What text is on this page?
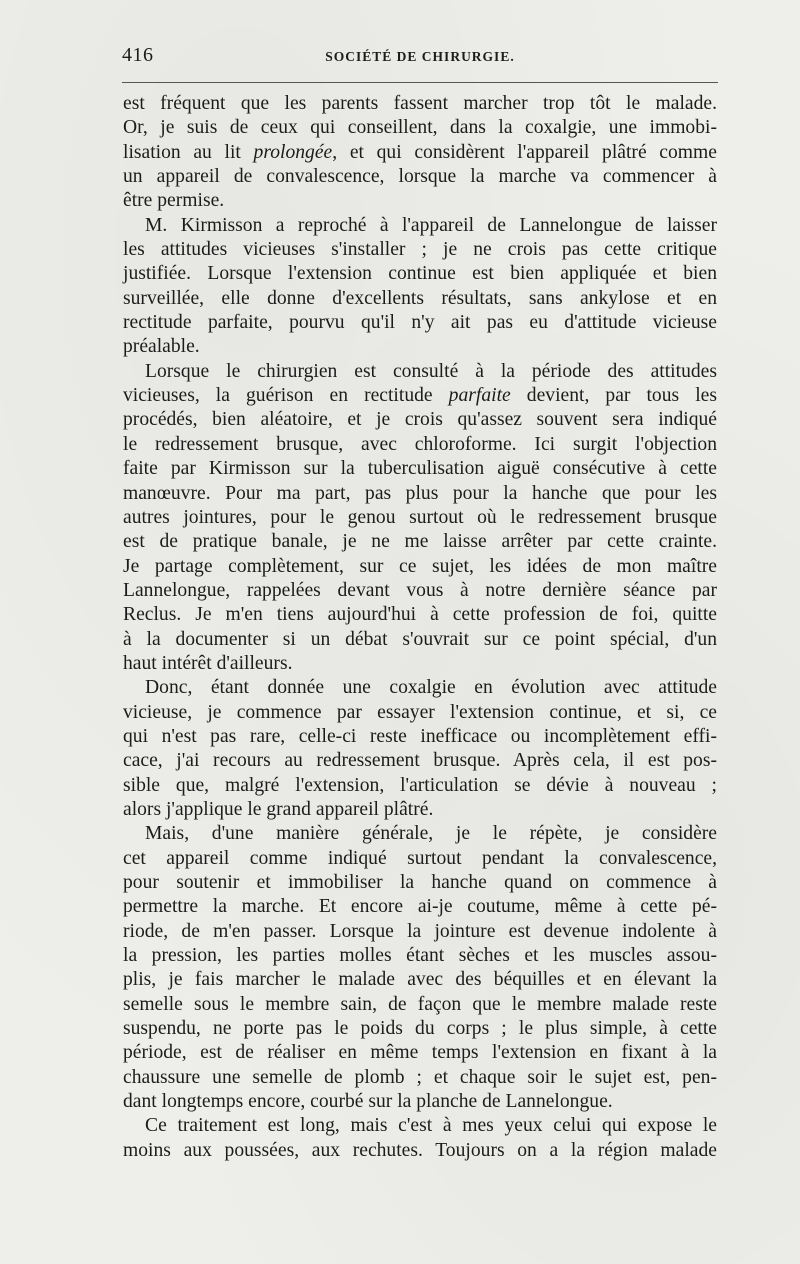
416	SOCIÉTÉ DE CHIRURGIE.
est fréquent que les parents fassent marcher trop tôt le malade.
Or, je suis de ceux qui conseillent, dans la coxalgie, une immobi-
lisation au lit prolongée, et qui considèrent l'appareil plâtré comme
un appareil de convalescence, lorsque la marche va commencer à
être permise.
M. Kirmisson a reproché à l'appareil de Lannelongue de laisser
les attitudes vicieuses s'installer ; je ne crois pas cette critique
justifiée. Lorsque l'extension continue est bien appliquée et bien
surveillée, elle donne d'excellents résultats, sans ankylose et en
rectitude parfaite, pourvu qu'il n'y ait pas eu d'attitude vicieuse
préalable.
Lorsque le chirurgien est consulté à la période des attitudes
vicieuses, la guérison en rectitude parfaite devient, par tous les
procédés, bien aléatoire, et je crois qu'assez souvent sera indiqué
le redressement brusque, avec chloroforme. Ici surgit l'objection
faite par Kirmisson sur la tuberculisation aiguë consécutive à cette
manœuvre. Pour ma part, pas plus pour la hanche que pour les
autres jointures, pour le genou surtout où le redressement brusque
est de pratique banale, je ne me laisse arrêter par cette crainte.
Je partage complètement, sur ce sujet, les idées de mon maître
Lannelongue, rappelées devant vous à notre dernière séance par
Reclus. Je m'en tiens aujourd'hui à cette profession de foi, quitte
à la documenter si un débat s'ouvrait sur ce point spécial, d'un
haut intérêt d'ailleurs.
Donc, étant donnée une coxalgie en évolution avec attitude
vicieuse, je commence par essayer l'extension continue, et si, ce
qui n'est pas rare, celle-ci reste inefficace ou incomplètement effi-
cace, j'ai recours au redressement brusque. Après cela, il est pos-
sible que, malgré l'extension, l'articulation se dévie à nouveau ;
alors j'applique le grand appareil plâtré.
Mais, d'une manière générale, je le répète, je considère
cet appareil comme indiqué surtout pendant la convalescence,
pour soutenir et immobiliser la hanche quand on commence à
permettre la marche. Et encore ai-je coutume, même à cette pé-
riode, de m'en passer. Lorsque la jointure est devenue indolente à
la pression, les parties molles étant sèches et les muscles assou-
plis, je fais marcher le malade avec des béquilles et en élevant la
semelle sous le membre sain, de façon que le membre malade reste
suspendu, ne porte pas le poids du corps ; le plus simple, à cette
période, est de réaliser en même temps l'extension en fixant à la
chaussure une semelle de plomb ; et chaque soir le sujet est, pen-
dant longtemps encore, courbé sur la planche de Lannelongue.
Ce traitement est long, mais c'est à mes yeux celui qui expose le
moins aux poussées, aux rechutes. Toujours on a la région malade
